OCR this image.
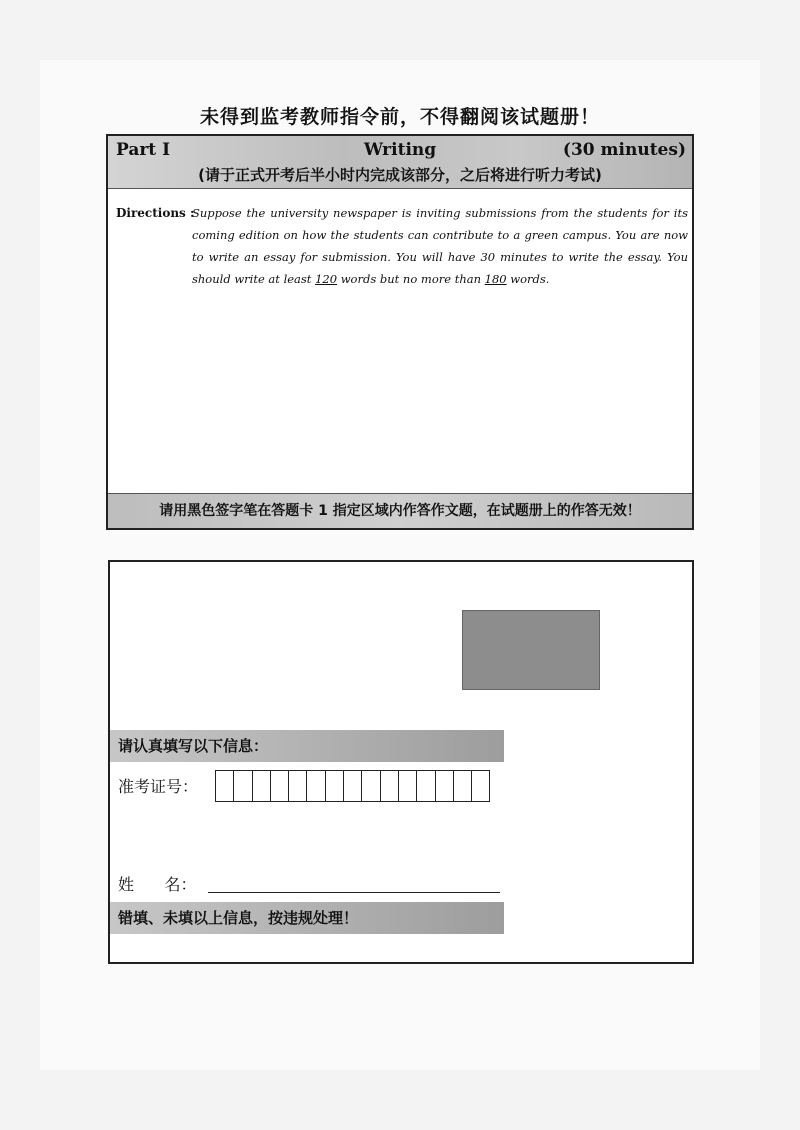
未得到监考教师指令前，不得翻阅该试题册！
Part I	Writing	(30 minutes)
(请于正式开考后半小时内完成该部分，之后将进行听力考试)
Directions :
Suppose the university newspaper is inviting submissions from the students for its coming edition on how the students can contribute to a green campus. You are now to write an essay for submission. You will have 30 minutes to write the essay. You should write at least 120 words but no more than 180 words.
请用黑色签字笔在答题卡 1 指定区域内作答作文题，在试题册上的作答无效！
请认真填写以下信息：
准考证号：
姓      名：
错填、未填以上信息，按违规处理！
